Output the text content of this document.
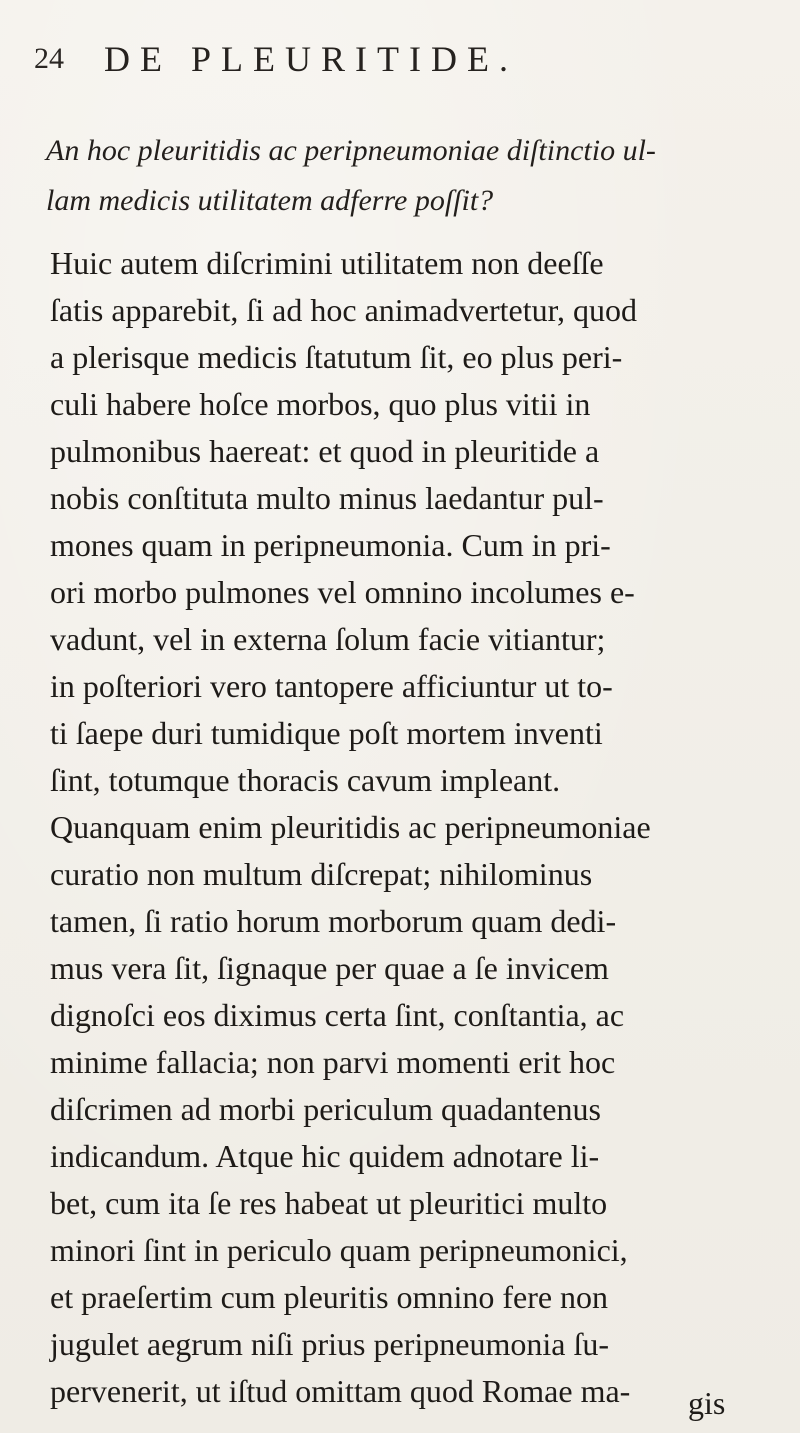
24 DE PLEURITIDE.
An hoc pleuritidis ac peripneumoniae diſtinctio ul-
lam medicis utilitatem adferre poſſit?
Huic autem diſcrimini utilitatem non deeſſe
ſatis apparebit, ſi ad hoc animadvertetur, quod
a plerisque medicis ſtatutum ſit, eo plus peri-
culi habere hoſce morbos, quo plus vitii in
pulmonibus haereat: et quod in pleuritide a
nobis conſtituta multo minus laedantur pul-
mones quam in peripneumonia. Cum in pri-
ori morbo pulmones vel omnino incolumes e-
vadunt, vel in externa ſolum facie vitiantur;
in poſteriori vero tantopere afficiuntur ut to-
ti ſaepe duri tumidique poſt mortem inventi
ſint, totumque thoracis cavum impleant.
Quanquam enim pleuritidis ac peripneumoniae
curatio non multum diſcrepat; nihilominus
tamen, ſi ratio horum morborum quam dedi-
mus vera ſit, ſignaque per quae a ſe invicem
dignoſci eos diximus certa ſint, conſtantia, ac
minime fallacia; non parvi momenti erit hoc
diſcrimen ad morbi periculum quadantenus
indicandum. Atque hic quidem adnotare li-
bet, cum ita ſe res habeat ut pleuritici multo
minori ſint in periculo quam peripneumonici,
et praeſertim cum pleuritis omnino fere non
jugulet aegrum niſi prius peripneumonia ſu-
pervenerit, ut iſtud omittam quod Romae ma-	gis
